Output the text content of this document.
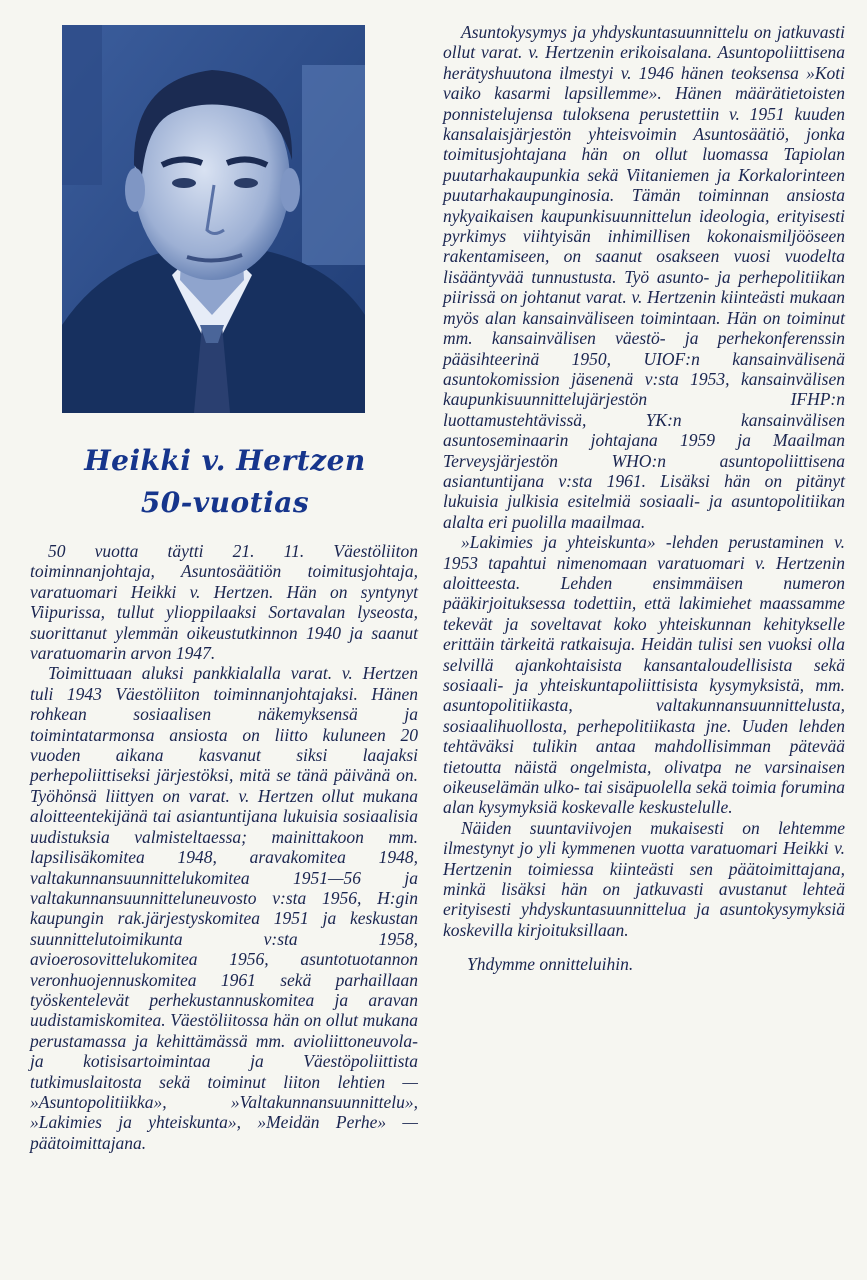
Heikki v. Hertzen
50-vuotias

50 vuotta täytti 21. 11. Väestöliiton toiminnanjohtaja, Asuntosäätiön toimitusjohtaja, varatuomari Heikki v. Hertzen. Hän on syntynyt Viipurissa, tullut ylioppilaaksi Sortavalan lyseosta, suorittanut ylemmän oikeustutkinnon 1940 ja saanut varatuomarin arvon 1947.

Toimittuaan aluksi pankkialalla varat. v. Hertzen tuli 1943 Väestöliiton toiminnanjohtajaksi. Hänen rohkean sosiaalisen näkemyksensä ja toimintatarmonsa ansiosta on liitto kuluneen 20 vuoden aikana kasvanut siksi laajaksi perhepoliittiseksi järjestöksi, mitä se tänä päivänä on. Työhönsä liittyen on varat. v. Hertzen ollut mukana aloitteentekijänä tai asiantuntijana lukuisia sosiaalisia uudistuksia valmisteltaessa; mainittakoon mm. lapsilisäkomitea 1948, aravakomitea 1948, valtakunnansuunnittelukomitea 1951—56 ja valtakunnansuunnitteluneuvosto v:sta 1956, H:gin kaupungin rak.järjestyskomitea 1951 ja keskustan suunnittelutoimikunta v:sta 1958, avioerosovittelukomitea 1956, asuntotuotannon veronhuojennuskomitea 1961 sekä parhaillaan työskentelevät perhekustannuskomitea ja aravan uudistamiskomitea. Väestöliitossa hän on ollut mukana perustamassa ja kehittämässä mm. avioliittoneuvola- ja kotisisartoimintaa ja Väestöpoliittista tutkimuslaitosta sekä toiminut liiton lehtien — »Asuntopolitiikka», »Valtakunnansuunnittelu», »Lakimies ja yhteiskunta», »Meidän Perhe» — päätoimittajana.

Asuntokysymys ja yhdyskuntasuunnittelu on jatkuvasti ollut varat. v. Hertzenin erikoisalana. Asuntopoliittisena herätyshuutona ilmestyi v. 1946 hänen teoksensa »Koti vaiko kasarmi lapsillemme». Hänen määrätietoisten ponnistelujensa tuloksena perustettiin v. 1951 kuuden kansalaisjärjestön yhteisvoimin Asuntosäätiö, jonka toimitusjohtajana hän on ollut luomassa Tapiolan puutarhakaupunkia sekä Viitaniemen ja Korkalorinteen puutarhakaupunginosia. Tämän toiminnan ansiosta nykyaikaisen kaupunkisuunnittelun ideologia, erityisesti pyrkimys viihtyisän inhimillisen kokonaismiljööseen rakentamiseen, on saanut osakseen vuosi vuodelta lisääntyvää tunnustusta. Työ asunto- ja perhepolitiikan piirissä on johtanut varat. v. Hertzenin kiinteästi mukaan myös alan kansainväliseen toimintaan. Hän on toiminut mm. kansainvälisen väestö- ja perhekonferenssin pääsihteerinä 1950, UIOF:n kansainvälisenä asuntokomission jäsenenä v:sta 1953, kansainvälisen kaupunkisuunnittelujärjestön IFHP:n luottamustehtävissä, YK:n kansainvälisen asuntoseminaarin johtajana 1959 ja Maailman Terveysjärjestön WHO:n asuntopoliittisena asiantuntijana v:sta 1961. Lisäksi hän on pitänyt lukuisia julkisia esitelmiä sosiaali- ja asuntopolitiikan alalta eri puolilla maailmaa.

»Lakimies ja yhteiskunta» -lehden perustaminen v. 1953 tapahtui nimenomaan varatuomari v. Hertzenin aloitteesta. Lehden ensimmäisen numeron pääkirjoituksessa todettiin, että lakimiehet maassamme tekevät ja soveltavat koko yhteiskunnan kehitykselle erittäin tärkeitä ratkaisuja. Heidän tulisi sen vuoksi olla selvillä ajankohtaisista kansantaloudellisista sekä sosiaali- ja yhteiskuntapoliittisista kysymyksistä, mm. asuntopolitiikasta, valtakunnansuunnittelusta, sosiaalihuollosta, perhepolitiikasta jne. Uuden lehden tehtäväksi tulikin antaa mahdollisimman pätevää tietoutta näistä ongelmista, olivatpa ne varsinaisen oikeuselämän ulko- tai sisäpuolella sekä toimia forumina alan kysymyksiä koskevalle keskustelulle.

Näiden suuntaviivojen mukaisesti on lehtemme ilmestynyt jo yli kymmenen vuotta varatuomari Heikki v. Hertzenin toimiessa kiinteästi sen päätoimittajana, minkä lisäksi hän on jatkuvasti avustanut lehteä erityisesti yhdyskuntasuunnittelua ja asuntokysymyksiä koskevilla kirjoituksillaan.

Yhdymme onnitteluihin.
